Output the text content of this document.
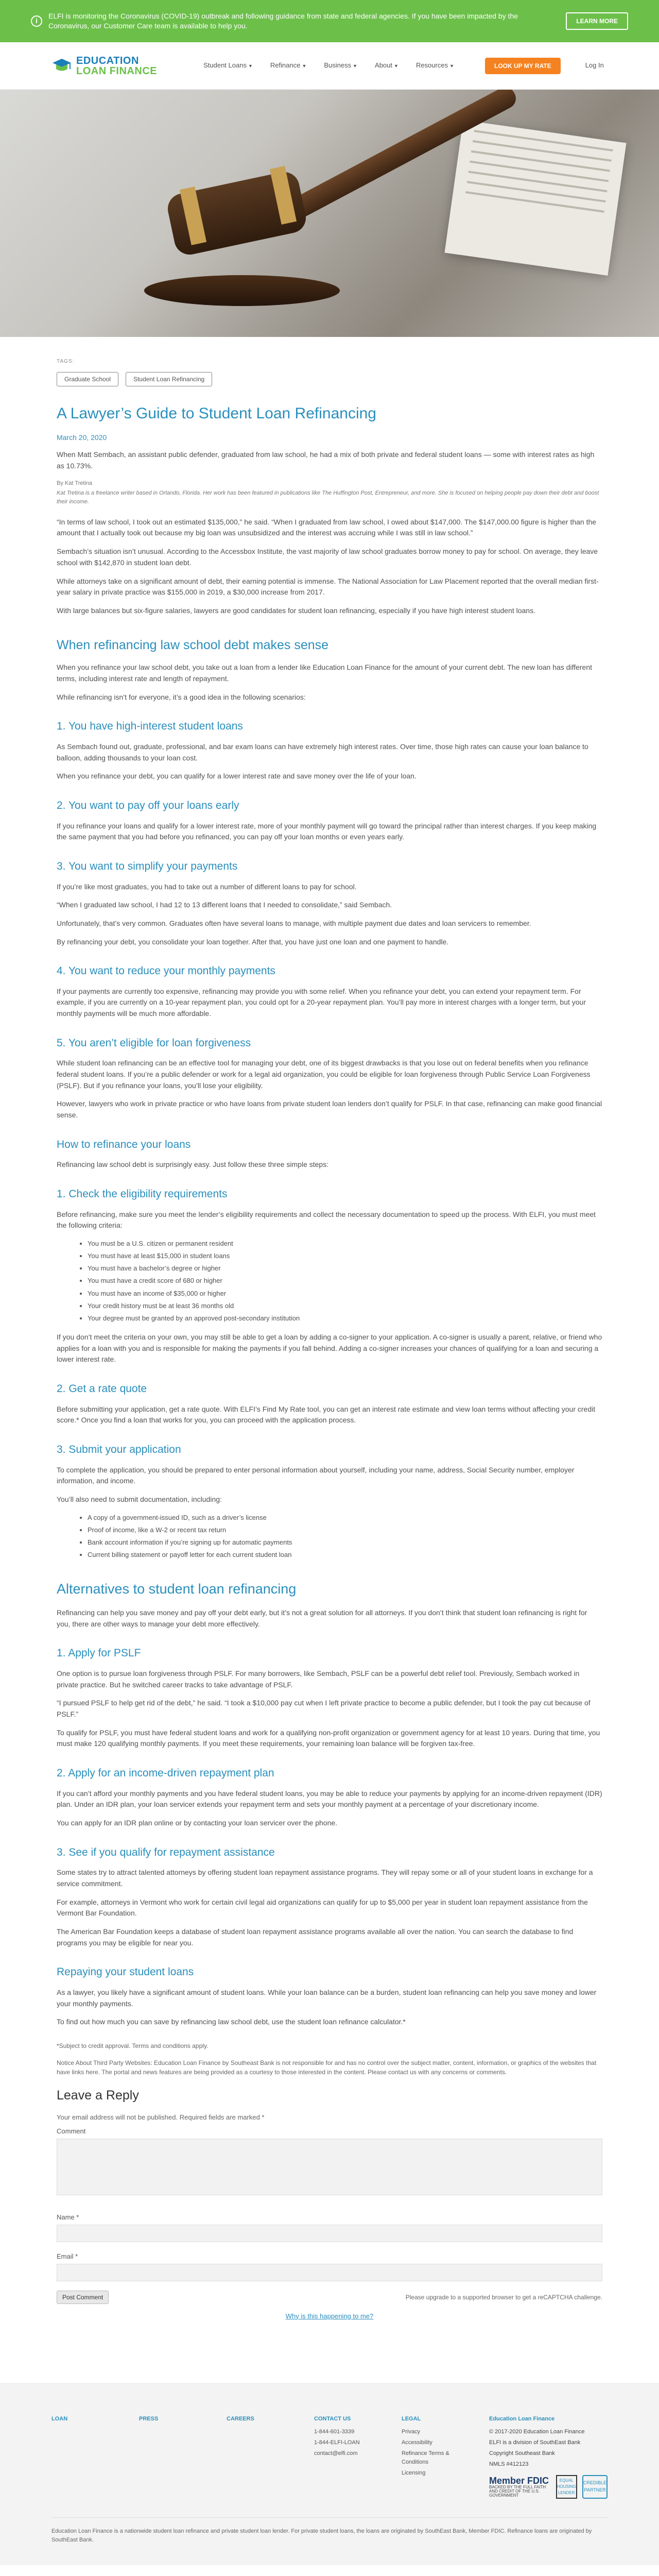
i
ELFI is monitoring the Coronavirus (COVID-19) outbreak and following guidance from state and federal agencies. If you have been impacted by the Coronavirus, our Customer Care team is available to help you.
LEARN MORE
EDUCATION
LOAN FINANCE	Student Loans ▼	Refinance ▼	Business ▼	About ▼	Resources ▼	LOOK UP MY RATE	Log In
TAGS:
Graduate School	Student Loan Refinancing
A Lawyer’s Guide to Student Loan Refinancing
March 20, 2020

When Matt Sembach, an assistant public defender, graduated from law school, he had a mix of both private and federal student loans — some with interest rates as high as 10.73%.

By Kat Tretina
Kat Tretina is a freelance writer based in Orlando, Florida. Her work has been featured in publications like The Huffington Post, Entrepreneur, and more. She is focused on helping people pay down their debt and boost their income.

“In terms of law school, I took out an estimated $135,000,” he said. “When I graduated from law school, I owed about $147,000. The $147,000.00 figure is higher than the amount that I actually took out because my big loan was unsubsidized and the interest was accruing while I was still in law school.”

Sembach’s situation isn’t unusual. According to the Accessbox Institute, the vast majority of law school graduates borrow money to pay for school. On average, they leave school with $142,870 in student loan debt.

While attorneys take on a significant amount of debt, their earning potential is immense. The National Association for Law Placement reported that the overall median first-year salary in private practice was $155,000 in 2019, a $30,000 increase from 2017.

With large balances but six-figure salaries, lawyers are good candidates for student loan refinancing, especially if you have high interest student loans.

When refinancing law school debt makes sense

When you refinance your law school debt, you take out a loan from a lender like Education Loan Finance for the amount of your current debt. The new loan has different terms, including interest rate and length of repayment.

While refinancing isn’t for everyone, it’s a good idea in the following scenarios:

1. You have high-interest student loans

As Sembach found out, graduate, professional, and bar exam loans can have extremely high interest rates. Over time, those high rates can cause your loan balance to balloon, adding thousands to your loan cost.

When you refinance your debt, you can qualify for a lower interest rate and save money over the life of your loan.

2. You want to pay off your loans early

If you refinance your loans and qualify for a lower interest rate, more of your monthly payment will go toward the principal rather than interest charges. If you keep making the same payment that you had before you refinanced, you can pay off your loan months or even years early.

3. You want to simplify your payments

If you’re like most graduates, you had to take out a number of different loans to pay for school.

“When I graduated law school, I had 12 to 13 different loans that I needed to consolidate,” said Sembach.

Unfortunately, that’s very common. Graduates often have several loans to manage, with multiple payment due dates and loan servicers to remember.

By refinancing your debt, you consolidate your loan together. After that, you have just one loan and one payment to handle.

4. You want to reduce your monthly payments

If your payments are currently too expensive, refinancing may provide you with some relief. When you refinance your debt, you can extend your repayment term. For example, if you are currently on a 10-year repayment plan, you could opt for a 20-year repayment plan. You’ll pay more in interest charges with a longer term, but your monthly payments will be much more affordable.

5. You aren’t eligible for loan forgiveness

While student loan refinancing can be an effective tool for managing your debt, one of its biggest drawbacks is that you lose out on federal benefits when you refinance federal student loans. If you’re a public defender or work for a legal aid organization, you could be eligible for loan forgiveness through Public Service Loan Forgiveness (PSLF). But if you refinance your loans, you’ll lose your eligibility.

However, lawyers who work in private practice or who have loans from private student loan lenders don’t qualify for PSLF. In that case, refinancing can make good financial sense.

How to refinance your loans

Refinancing law school debt is surprisingly easy. Just follow these three simple steps:

1. Check the eligibility requirements

Before refinancing, make sure you meet the lender’s eligibility requirements and collect the necessary documentation to speed up the process. With ELFI, you must meet the following criteria:

• You must be a U.S. citizen or permanent resident
• You must have at least $15,000 in student loans
• You must have a bachelor’s degree or higher
• You must have a credit score of 680 or higher
• You must have an income of $35,000 or higher
• Your credit history must be at least 36 months old
• Your degree must be granted by an approved post-secondary institution

If you don’t meet the criteria on your own, you may still be able to get a loan by adding a co-signer to your application. A co-signer is usually a parent, relative, or friend who applies for a loan with you and is responsible for making the payments if you fall behind. Adding a co-signer increases your chances of qualifying for a loan and securing a lower interest rate.

2. Get a rate quote

Before submitting your application, get a rate quote. With ELFI’s Find My Rate tool, you can get an interest rate estimate and view loan terms without affecting your credit score.* Once you find a loan that works for you, you can proceed with the application process.

3. Submit your application

To complete the application, you should be prepared to enter personal information about yourself, including your name, address, Social Security number, employer information, and income.

You’ll also need to submit documentation, including:

• A copy of a government-issued ID, such as a driver’s license
• Proof of income, like a W-2 or recent tax return
• Bank account information if you’re signing up for automatic payments
• Current billing statement or payoff letter for each current student loan
Alternatives to student loan refinancing

Refinancing can help you save money and pay off your debt early, but it’s not a great solution for all attorneys. If you don’t think that student loan refinancing is right for you, there are other ways to manage your debt more effectively.

1. Apply for PSLF

One option is to pursue loan forgiveness through PSLF. For many borrowers, like Sembach, PSLF can be a powerful debt relief tool. Previously, Sembach worked in private practice. But he switched career tracks to take advantage of PSLF.

“I pursued PSLF to help get rid of the debt,” he said. “I took a $10,000 pay cut when I left private practice to become a public defender, but I took the pay cut because of PSLF.”

To qualify for PSLF, you must have federal student loans and work for a qualifying non-profit organization or government agency for at least 10 years. During that time, you must make 120 qualifying monthly payments. If you meet these requirements, your remaining loan balance will be forgiven tax-free.

2. Apply for an income-driven repayment plan

If you can’t afford your monthly payments and you have federal student loans, you may be able to reduce your payments by applying for an income-driven repayment (IDR) plan. Under an IDR plan, your loan servicer extends your repayment term and sets your monthly payment at a percentage of your discretionary income.

You can apply for an IDR plan online or by contacting your loan servicer over the phone.

3. See if you qualify for repayment assistance

Some states try to attract talented attorneys by offering student loan repayment assistance programs. They will repay some or all of your student loans in exchange for a service commitment.

For example, attorneys in Vermont who work for certain civil legal aid organizations can qualify for up to $5,000 per year in student loan repayment assistance from the Vermont Bar Foundation.

The American Bar Foundation keeps a database of student loan repayment assistance programs available all over the nation. You can search the database to find programs you may be eligible for near you.

Repaying your student loans

As a lawyer, you likely have a significant amount of student loans. While your loan balance can be a burden, student loan refinancing can help you save money and lower your monthly payments.

To find out how much you can save by refinancing law school debt, use the student loan refinance calculator.*

*Subject to credit approval. Terms and conditions apply.

Notice About Third Party Websites: Education Loan Finance by Southeast Bank is not responsible for and has no control over the subject matter, content, information, or graphics of the websites that have links here. The portal and news features are being provided as a courtesy to those interested in the content. Please contact us with any concerns or comments.

Leave a Reply
Your email address will not be published. Required fields are marked *
Comment
Name *
Email *
Post Comment	Please upgrade to a supported browser to get a reCAPTCHA challenge.
Why is this happening to me?
LOAN	PRESS	CAREERS	CONTACT US
1-844-601-3339
1-844-ELFI-LOAN
contact@elfi.com
LEGAL
Privacy
Accessibility
Refinance Terms & Conditions
Licensing
Education Loan Finance
© 2017-2020 Education Loan Finance
ELFI is a division of SouthEast Bank
Copyright Southeast Bank
NMLS #412123
Member FDIC
BACKED BY THE FULL FAITH AND CREDIT OF THE U.S. GOVERNMENT
EQUAL HOUSING LENDER
CREDIBLE PARTNER
Education Loan Finance is a nationwide student loan refinance and private student loan lender. For private student loans, the loans are originated by SouthEast Bank, Member FDIC. Refinance loans are originated by SouthEast Bank.
